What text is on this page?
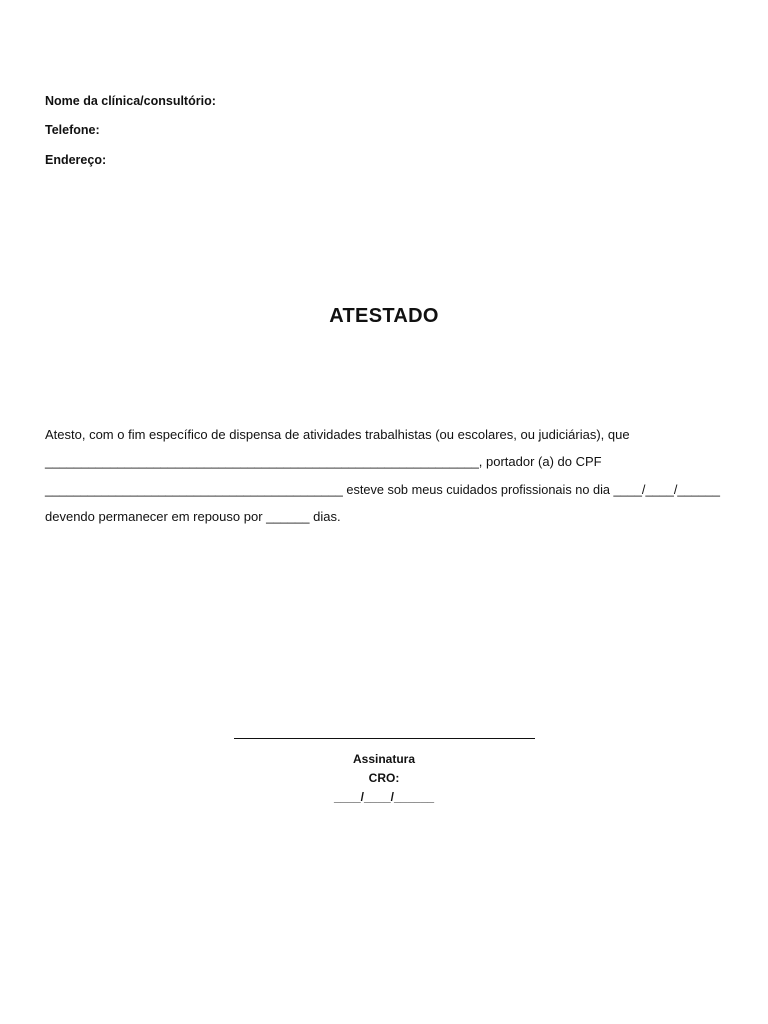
Nome da clínica/consultório:
Telefone:
Endereço:
ATESTADO
Atesto, com o fim específico de dispensa de atividades trabalhistas (ou escolares, ou judiciárias), que
____________________________________________________________, portador (a) do CPF
__________________________________________ esteve sob meus cuidados profissionais no dia ____/____/______
devendo permanecer em repouso por ______ dias.
Assinatura
CRO:
____/____/______
